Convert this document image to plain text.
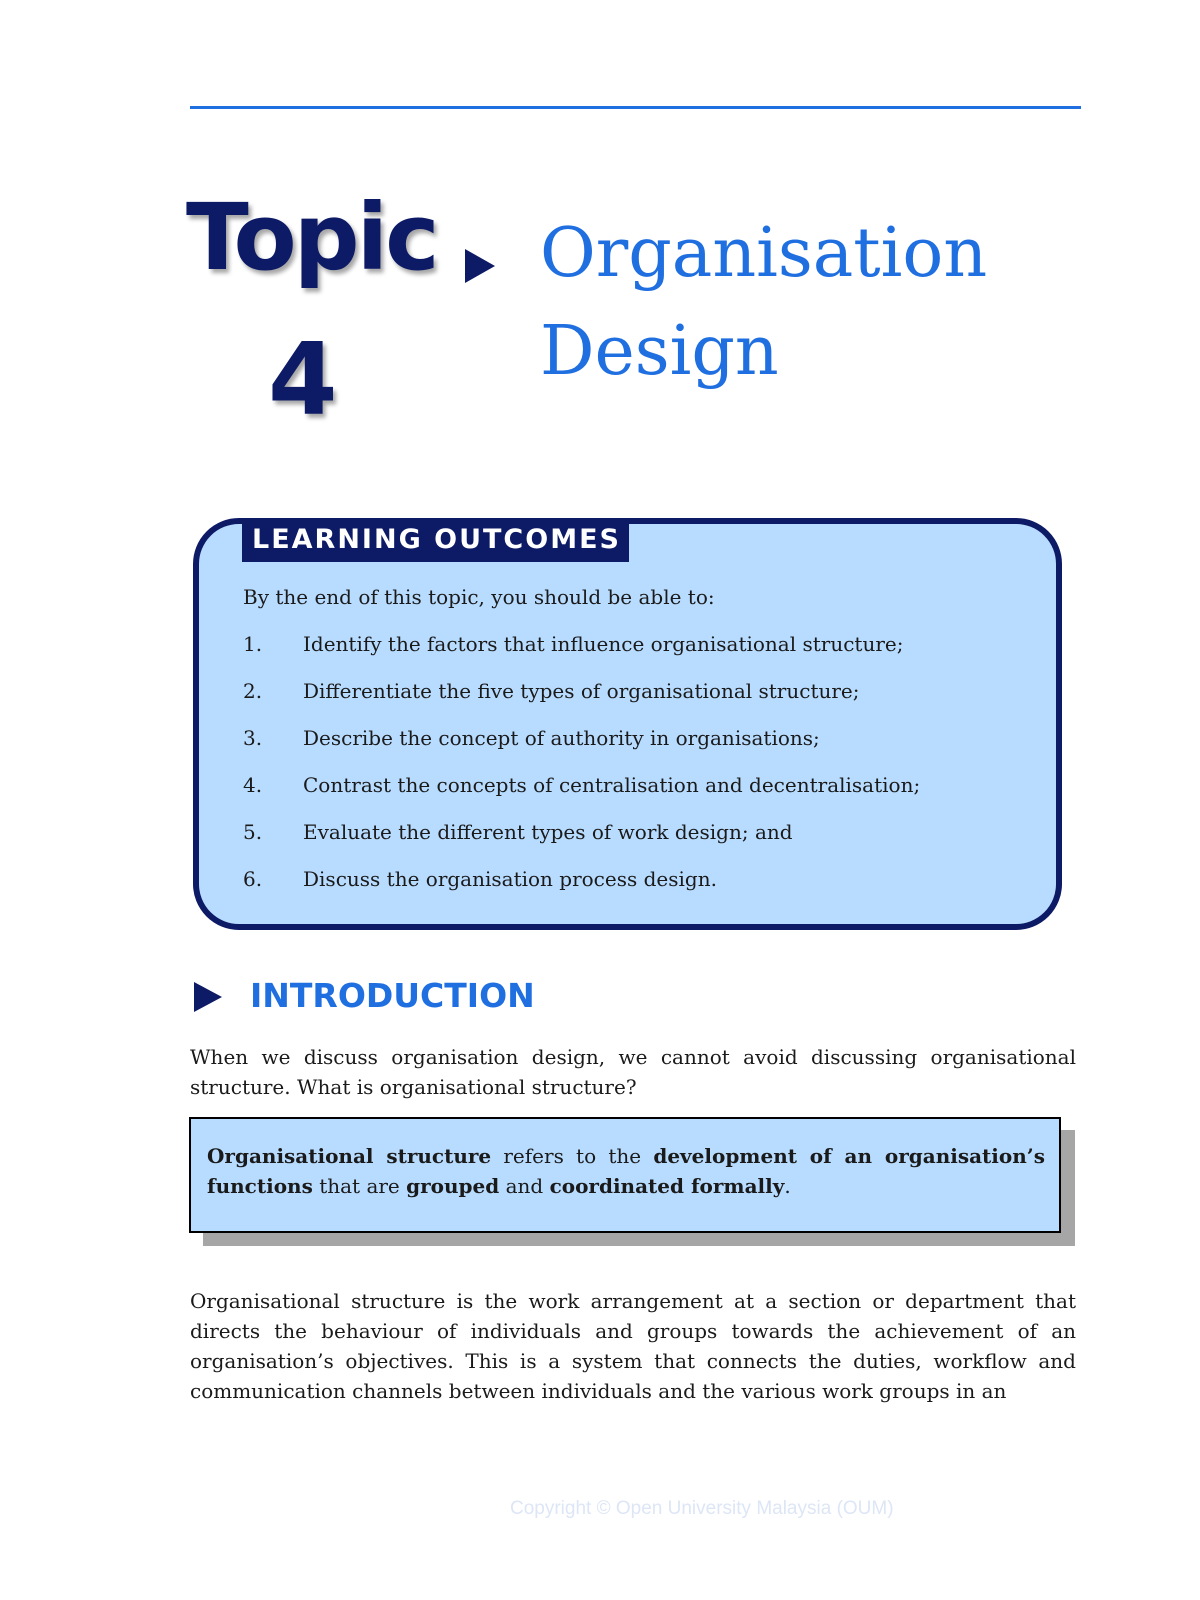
Topic
4
Organisation
Design
LEARNING OUTCOMES
By the end of this topic, you should be able to:
1. Identify the factors that influence organisational structure;
2. Differentiate the five types of organisational structure;
3. Describe the concept of authority in organisations;
4. Contrast the concepts of centralisation and decentralisation;
5. Evaluate the different types of work design; and
6. Discuss the organisation process design.
INTRODUCTION
When we discuss organisation design, we cannot avoid discussing organisational structure. What is organisational structure?
Organisational structure refers to the development of an organisation’s functions that are grouped and coordinated formally.
Organisational structure is the work arrangement at a section or department that directs the behaviour of individuals and groups towards the achievement of an organisation’s objectives. This is a system that connects the duties, workflow and communication channels between individuals and the various work groups in an
Copyright © Open University Malaysia (OUM)
